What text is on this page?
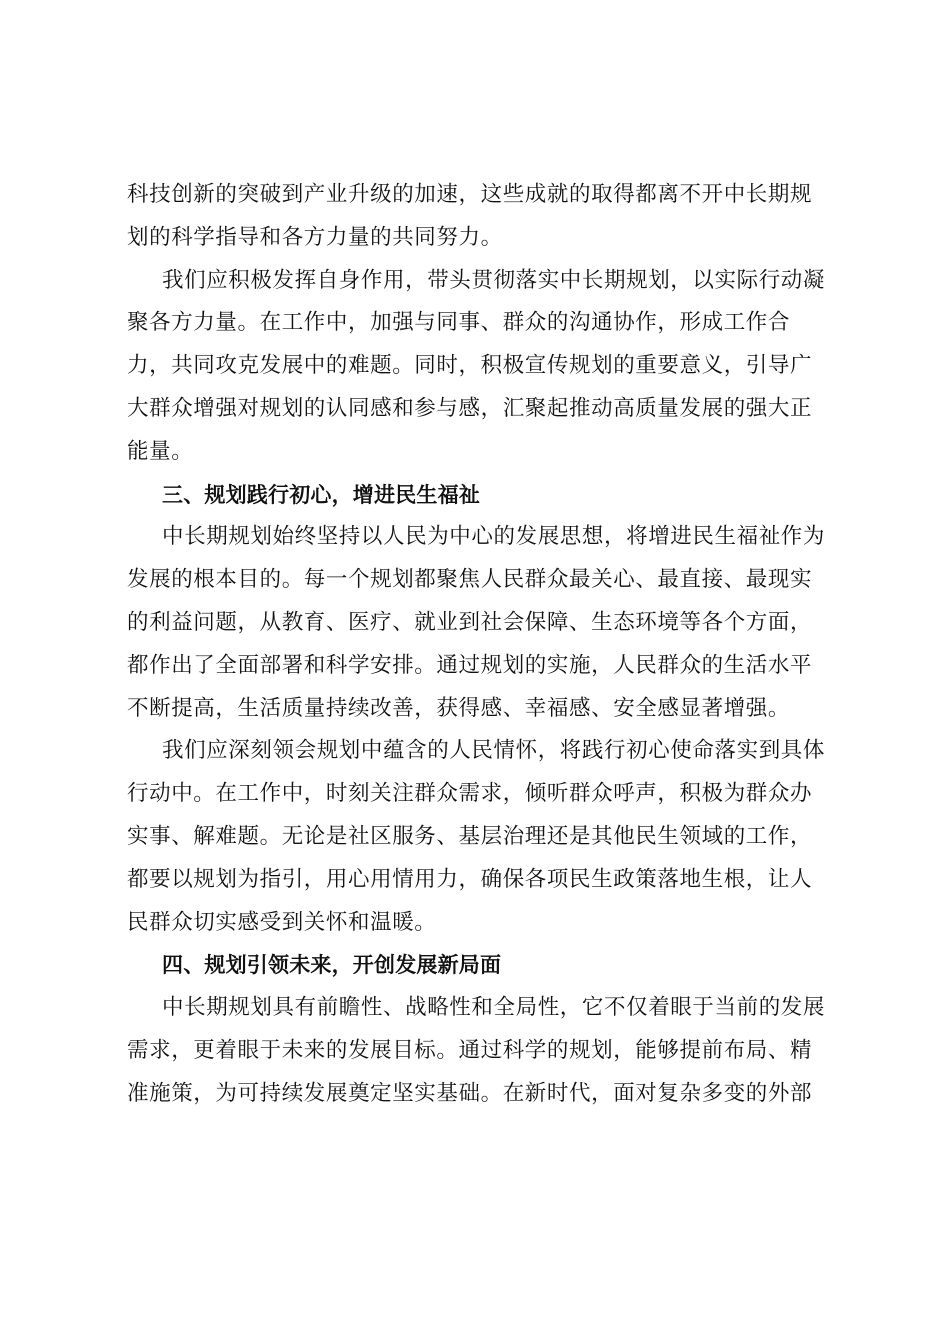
科技创新的突破到产业升级的加速，这些成就的取得都离不开中长期规
划的科学指导和各方力量的共同努力。
我们应积极发挥自身作用，带头贯彻落实中长期规划，以实际行动凝
聚各方力量。在工作中，加强与同事、群众的沟通协作，形成工作合
力，共同攻克发展中的难题。同时，积极宣传规划的重要意义，引导广
大群众增强对规划的认同感和参与感，汇聚起推动高质量发展的强大正
能量。
三、规划践行初心，增进民生福祉
中长期规划始终坚持以人民为中心的发展思想，将增进民生福祉作为
发展的根本目的。每一个规划都聚焦人民群众最关心、最直接、最现实
的利益问题，从教育、医疗、就业到社会保障、生态环境等各个方面，
都作出了全面部署和科学安排。通过规划的实施，人民群众的生活水平
不断提高，生活质量持续改善，获得感、幸福感、安全感显著增强。
我们应深刻领会规划中蕴含的人民情怀，将践行初心使命落实到具体
行动中。在工作中，时刻关注群众需求，倾听群众呼声，积极为群众办
实事、解难题。无论是社区服务、基层治理还是其他民生领域的工作，
都要以规划为指引，用心用情用力，确保各项民生政策落地生根，让人
民群众切实感受到关怀和温暖。
四、规划引领未来，开创发展新局面
中长期规划具有前瞻性、战略性和全局性，它不仅着眼于当前的发展
需求，更着眼于未来的发展目标。通过科学的规划，能够提前布局、精
准施策，为可持续发展奠定坚实基础。在新时代，面对复杂多变的外部
